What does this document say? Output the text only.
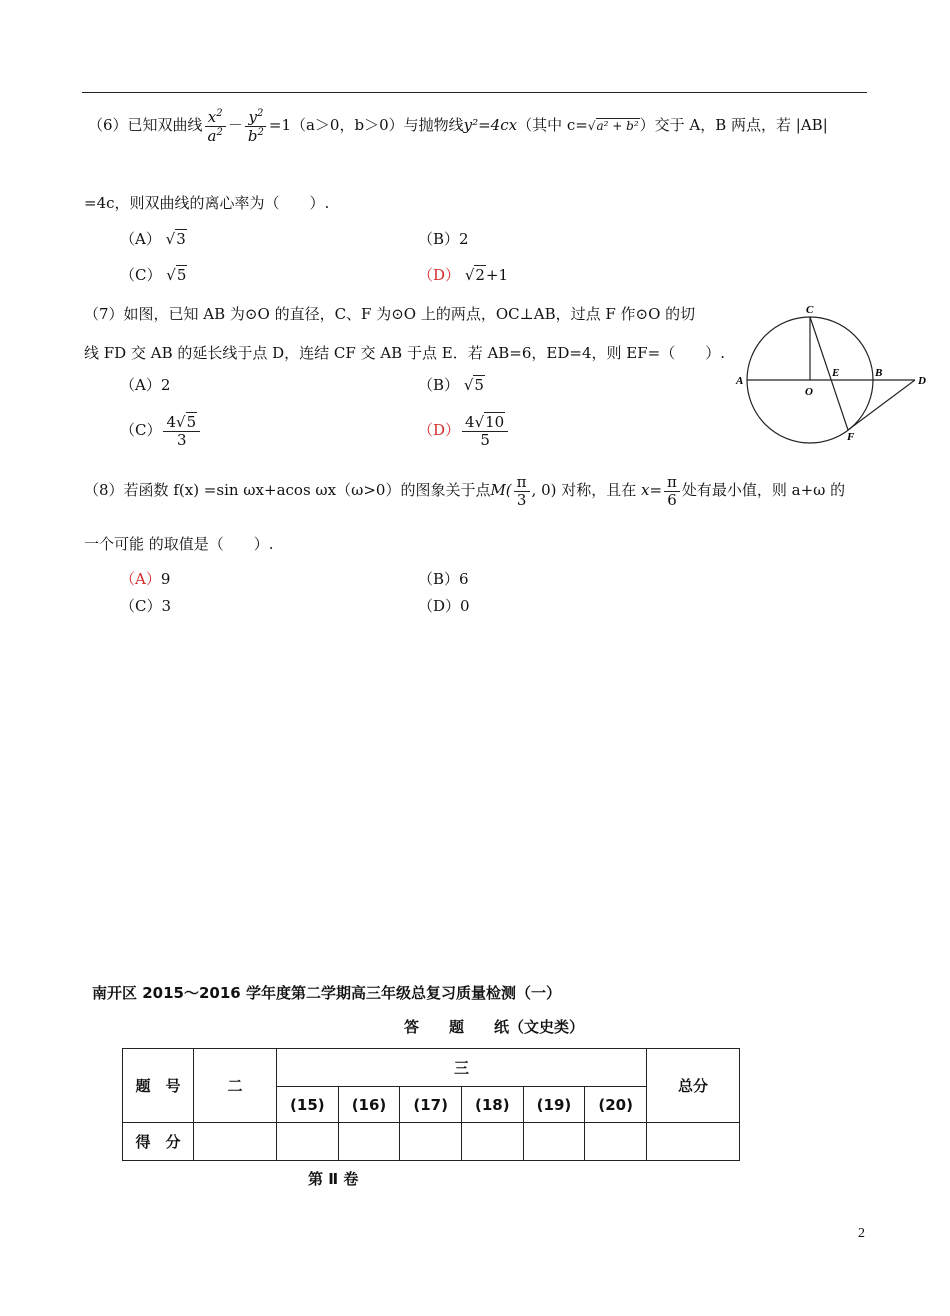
（6）已知双曲线 $\frac{x^2}{a^2} - \frac{y^2}{b^2} =1(a>0$，b＞0）与抛物线y²=4cx（其中 c=√a² + b²）交于 A，B 两点，若 |AB|
=4c，则双曲线的离心率为（　　）.
（A） √3	（B）2
（C） √5	（D） √2+1
（7）如图，已知 AB 为⊙O 的直径，C、F 为⊙O 上的两点，OC⊥AB，过点 F 作⊙O 的切
线 FD 交 AB 的延长线于点 D，连结 CF 交 AB 于点 E．若 AB=6，ED=4，则 EF=（　　）.
（A）2	（B） √5
$(C) \frac{4√5}{3}$	$(D) \frac{4√10}{5}$
C
A
O
E	B
D
F
（8）若函数 f(x) =sin ωx+acos ωx（ω>0）的图象关于点$M( \frac{\pi}{3}$ , 0) 对称，且在 $x= \frac{\pi}{6}$ 处有最小值，则 a+ω 的
一个可能 的取值是（　　）.
（A）9	（B）6
（C）3	（D）0
南开区 2015～2016 学年度第二学期高三年级总复习质量检测（一）
答　　题　　纸（文史类）
题　号	二	三						总分
		(15)	(16)	(17)	(18)	(19)	(20)	
得　分								
第 Ⅱ 卷
2
